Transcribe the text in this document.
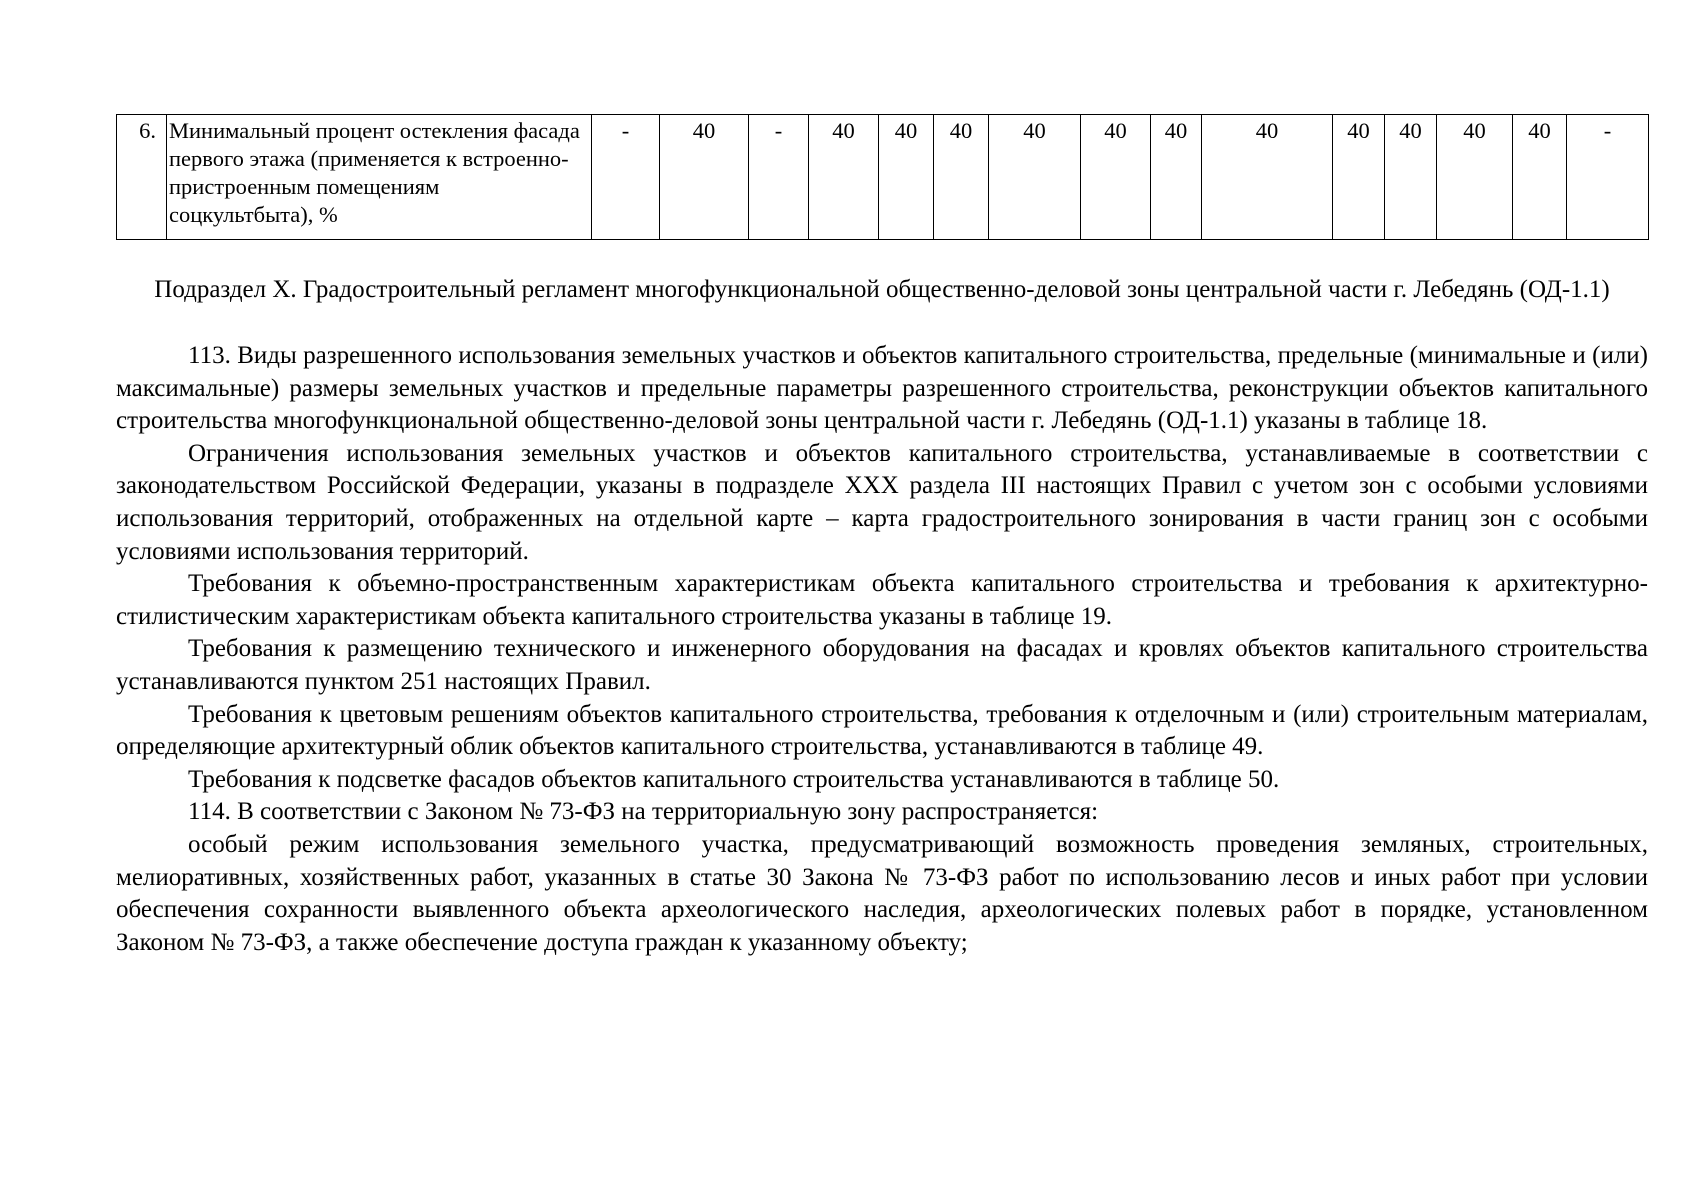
6.	Минимальный процент остекления фасада первого этажа (применяется к встроенно-пристроенным помещениям соцкультбыта), %	-	40	-	40	40	40	40	40	40	40	40	40	40	40	-
Подраздел X. Градостроительный регламент многофункциональной общественно-деловой зоны центральной части г. Лебедянь (ОД-1.1)

113. Виды разрешенного использования земельных участков и объектов капитального строительства, предельные (минимальные и (или) максимальные) размеры земельных участков и предельные параметры разрешенного строительства, реконструкции объектов капитального строительства многофункциональной общественно-деловой зоны центральной части г. Лебедянь (ОД-1.1) указаны в таблице 18.

Ограничения использования земельных участков и объектов капитального строительства, устанавливаемые в соответствии с законодательством Российской Федерации, указаны в подразделе XXX раздела III настоящих Правил с учетом зон с особыми условиями использования территорий, отображенных на отдельной карте – карта градостроительного зонирования в части границ зон с особыми условиями использования территорий.

Требования к объемно-пространственным характеристикам объекта капитального строительства и требования к архитектурно-стилистическим характеристикам объекта капитального строительства указаны в таблице 19.

Требования к размещению технического и инженерного оборудования на фасадах и кровлях объектов капитального строительства устанавливаются пунктом 251 настоящих Правил.

Требования к цветовым решениям объектов капитального строительства, требования к отделочным и (или) строительным материалам, определяющие архитектурный облик объектов капитального строительства, устанавливаются в таблице 49.

Требования к подсветке фасадов объектов капитального строительства устанавливаются в таблице 50.

114. В соответствии с Законом № 73-ФЗ на территориальную зону распространяется:

особый режим использования земельного участка, предусматривающий возможность проведения земляных, строительных, мелиоративных, хозяйственных работ, указанных в статье 30 Закона № 73-ФЗ работ по использованию лесов и иных работ при условии обеспечения сохранности выявленного объекта археологического наследия, археологических полевых работ в порядке, установленном Законом № 73-ФЗ, а также обеспечение доступа граждан к указанному объекту;
